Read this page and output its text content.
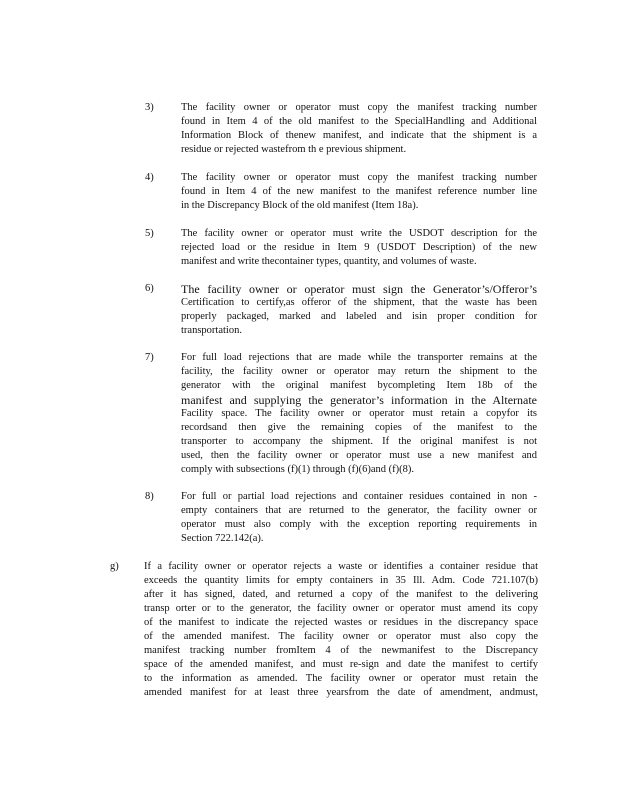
3)	The facility owner or operator must copy the manifest tracking number
found in Item 4 of the old manifest to the SpecialHandling and Additional
Information Block of thenew manifest, and indicate that the shipment is a
residue or rejected wastefrom th e previous shipment.
4)	The facility owner or operator must copy the manifest tracking number
found in Item 4 of the new manifest to the manifest reference number line
in the Discrepancy Block of the old manifest (Item 18a).
5)	The facility owner or operator must write the USDOT description for the
rejected load or the residue in Item 9 (USDOT Description) of the new
manifest and write thecontainer types, quantity, and volumes of waste.
6) The facility owner or operator must sign the Generator’s/Offeror’s
Certification to certify,as offeror of the shipment, that the waste has been
properly packaged, marked and labeled and isin proper condition for
transportation.
7)	For full load rejections that are made while the transporter remains at the
facility, the facility owner or operator may return the shipment to the
generator with the original manifest bycompleting Item 18b of the
manifest and supplying the generator’s information in the Alternate
Facility space. The facility owner or operator must retain a copyfor its
recordsand then give the remaining copies of the manifest to the
transporter to accompany the shipment. If the original manifest is not
used, then the facility owner or operator must use a new manifest and
comply with subsections (f)(1) through (f)(6)and (f)(8).
8)	For full or partial load rejections and container residues contained in non -
empty containers that are returned to the generator, the facility owner or
operator must also comply with the exception reporting requirements in
Section 722.142(a).
g) If a facility owner or operator rejects a waste or identifies a container residue that
exceeds the quantity limits for empty containers in 35 Ill. Adm. Code 721.107(b)
after it has signed, dated, and returned a copy of the manifest to the delivering
transp orter or to the generator, the facility owner or operator must amend its copy
of the manifest to indicate the rejected wastes or residues in the discrepancy space
of the amended manifest. The facility owner or operator must also copy the
manifest tracking number fromItem 4 of the newmanifest to the Discrepancy
space of the amended manifest, and must re-sign and date the manifest to certify
to the information as amended. The facility owner or operator must retain the
amended manifest for at least three yearsfrom the date of amendment, andmust,
